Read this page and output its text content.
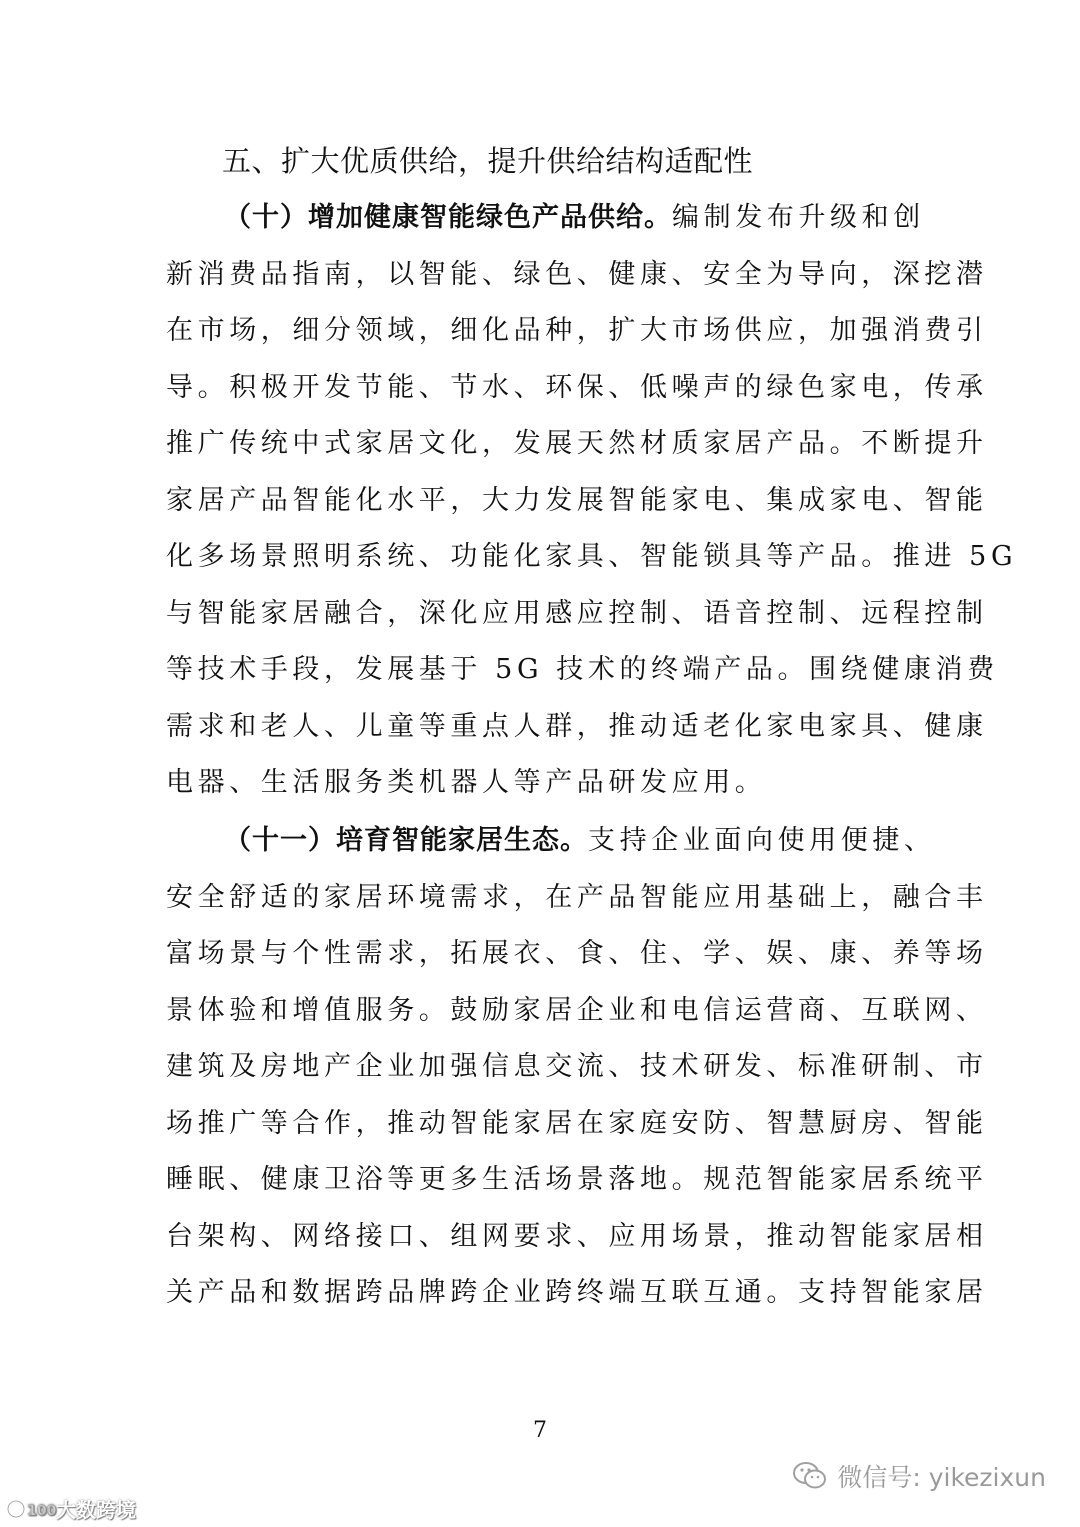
五、扩大优质供给，提升供给结构适配性
（十）增加健康智能绿色产品供给。编制发布升级和创
新消费品指南，以智能、绿色、健康、安全为导向，深挖潜
在市场，细分领域，细化品种，扩大市场供应，加强消费引
导。积极开发节能、节水、环保、低噪声的绿色家电，传承
推广传统中式家居文化，发展天然材质家居产品。不断提升
家居产品智能化水平，大力发展智能家电、集成家电、智能
化多场景照明系统、功能化家具、智能锁具等产品。推进 5G
与智能家居融合，深化应用感应控制、语音控制、远程控制
等技术手段，发展基于 5G 技术的终端产品。围绕健康消费
需求和老人、儿童等重点人群，推动适老化家电家具、健康
电器、生活服务类机器人等产品研发应用。
（十一）培育智能家居生态。支持企业面向使用便捷、
安全舒适的家居环境需求，在产品智能应用基础上，融合丰
富场景与个性需求，拓展衣、食、住、学、娱、康、养等场
景体验和增值服务。鼓励家居企业和电信运营商、互联网、
建筑及房地产企业加强信息交流、技术研发、标准研制、市
场推广等合作，推动智能家居在家庭安防、智慧厨房、智能
睡眠、健康卫浴等更多生活场景落地。规范智能家居系统平
台架构、网络接口、组网要求、应用场景，推动智能家居相
关产品和数据跨品牌跨企业跨终端互联互通。支持智能家居
7
微信号: yikezixun
100 大数跨境
